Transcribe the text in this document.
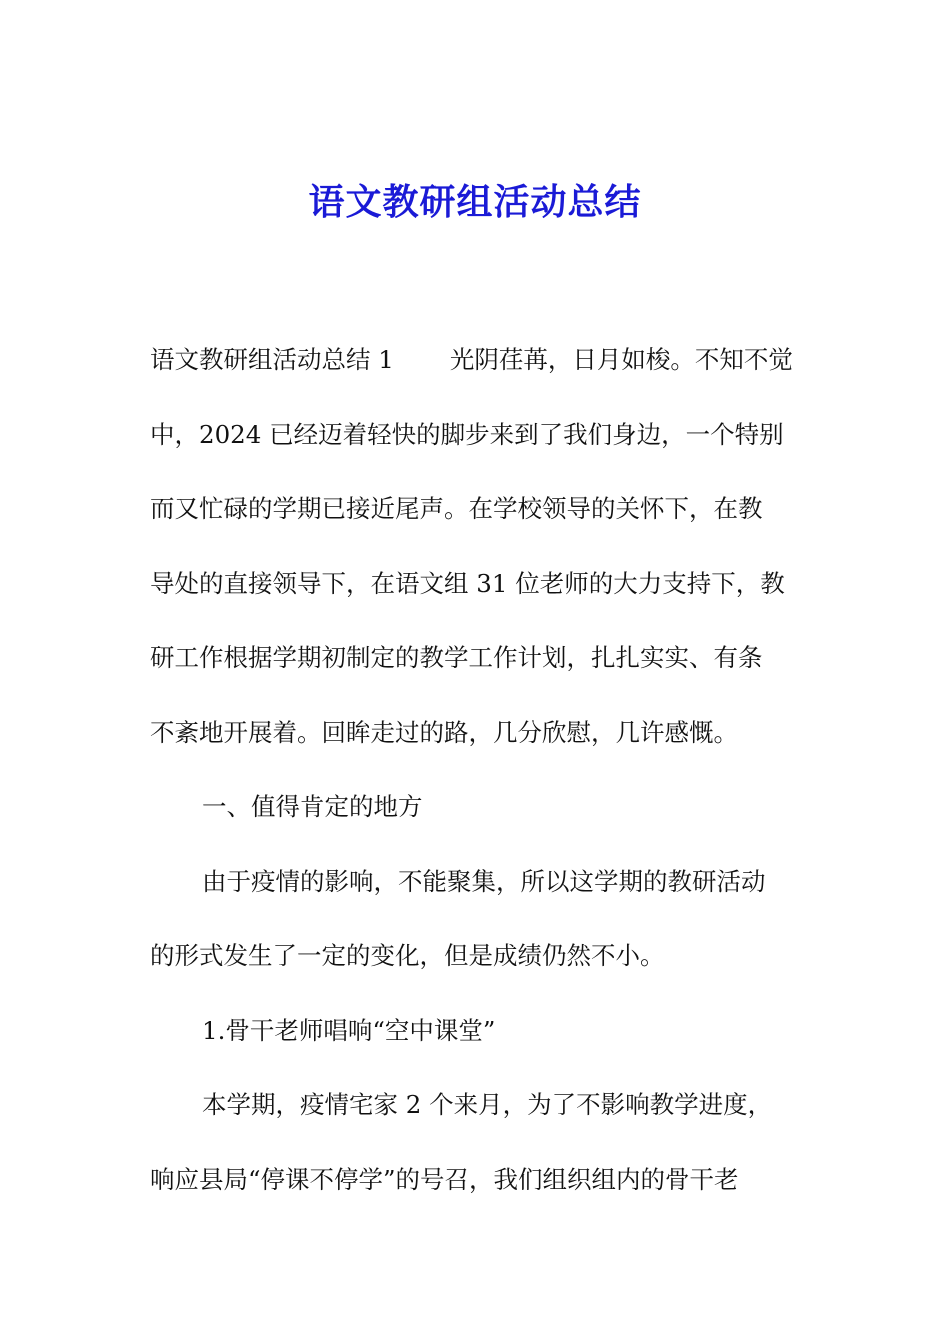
语文教研组活动总结
语文教研组活动总结 1 光阴荏苒，日月如梭。不知不觉
中，2024 已经迈着轻快的脚步来到了我们身边，一个特别
而又忙碌的学期已接近尾声。在学校领导的关怀下，在教
导处的直接领导下，在语文组 31 位老师的大力支持下，教
研工作根据学期初制定的教学工作计划，扎扎实实、有条
不紊地开展着。回眸走过的路，几分欣慰，几许感慨。
一、值得肯定的地方
由于疫情的影响，不能聚集，所以这学期的教研活动
的形式发生了一定的变化，但是成绩仍然不小。
1.骨干老师唱响“空中课堂”
本学期，疫情宅家 2 个来月，为了不影响教学进度，
响应县局“停课不停学”的号召，我们组织组内的骨干老
